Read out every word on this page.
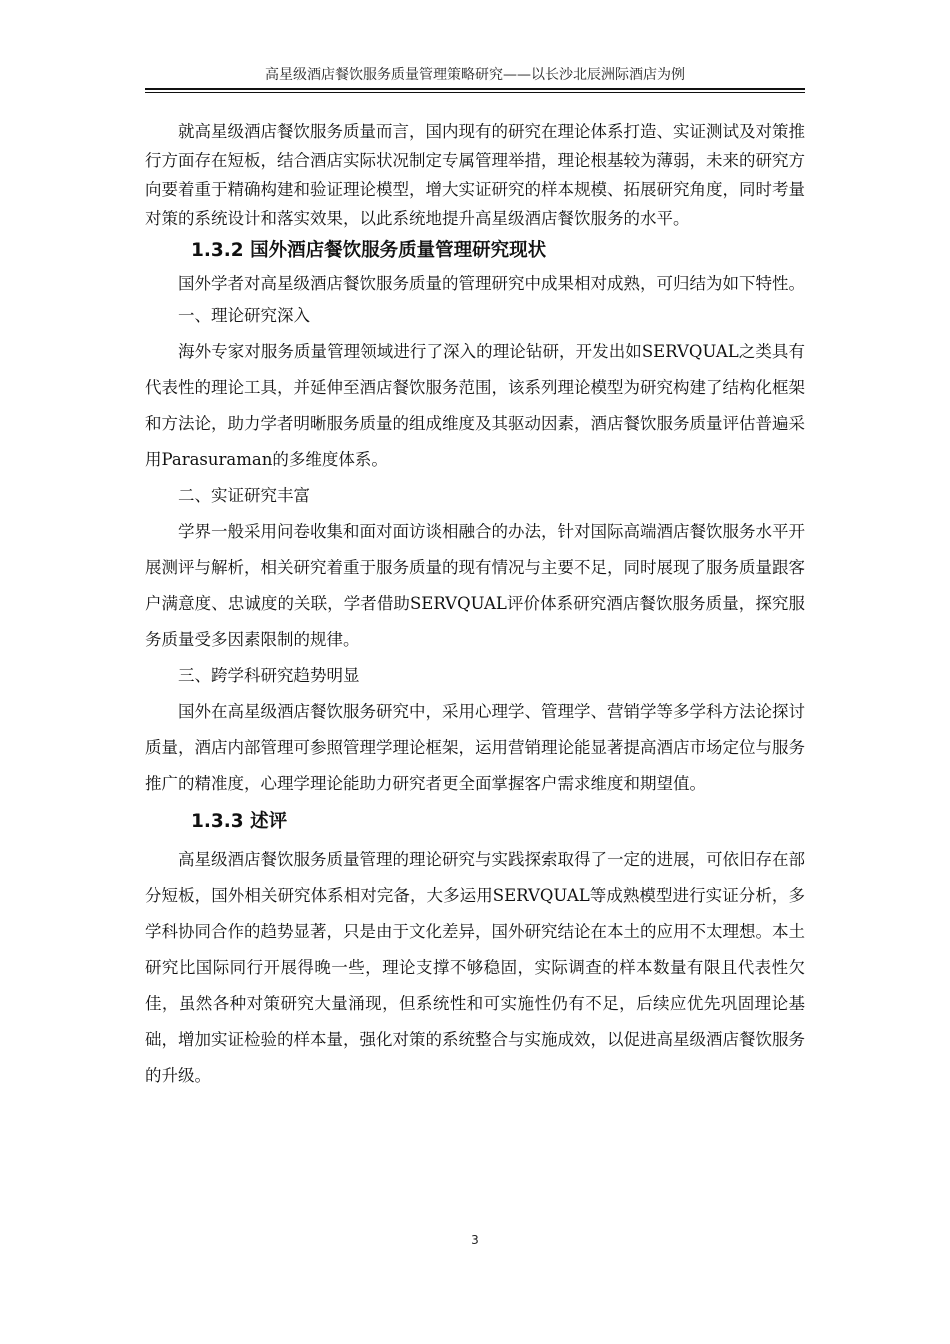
高星级酒店餐饮服务质量管理策略研究——以长沙北辰洲际酒店为例

就高星级酒店餐饮服务质量而言，国内现有的研究在理论体系打造、实证测试及对策推行方面存在短板，结合酒店实际状况制定专属管理举措，理论根基较为薄弱，未来的研究方向要着重于精确构建和验证理论模型，增大实证研究的样本规模、拓展研究角度，同时考量对策的系统设计和落实效果，以此系统地提升高星级酒店餐饮服务的水平。

1.3.2 国外酒店餐饮服务质量管理研究现状

国外学者对高星级酒店餐饮服务质量的管理研究中成果相对成熟，可归结为如下特性。

一、理论研究深入

海外专家对服务质量管理领域进行了深入的理论钻研，开发出如SERVQUAL之类具有代表性的理论工具，并延伸至酒店餐饮服务范围，该系列理论模型为研究构建了结构化框架和方法论，助力学者明晰服务质量的组成维度及其驱动因素，酒店餐饮服务质量评估普遍采用Parasuraman的多维度体系。

二、实证研究丰富

学界一般采用问卷收集和面对面访谈相融合的办法，针对国际高端酒店餐饮服务水平开展测评与解析，相关研究着重于服务质量的现有情况与主要不足，同时展现了服务质量跟客户满意度、忠诚度的关联，学者借助SERVQUAL评价体系研究酒店餐饮服务质量，探究服务质量受多因素限制的规律。

三、跨学科研究趋势明显

国外在高星级酒店餐饮服务研究中，采用心理学、管理学、营销学等多学科方法论探讨质量，酒店内部管理可参照管理学理论框架，运用营销理论能显著提高酒店市场定位与服务推广的精准度，心理学理论能助力研究者更全面掌握客户需求维度和期望值。

1.3.3 述评

高星级酒店餐饮服务质量管理的理论研究与实践探索取得了一定的进展，可依旧存在部分短板，国外相关研究体系相对完备，大多运用SERVQUAL等成熟模型进行实证分析，多学科协同合作的趋势显著，只是由于文化差异，国外研究结论在本土的应用不太理想。本土研究比国际同行开展得晚一些，理论支撑不够稳固，实际调查的样本数量有限且代表性欠佳，虽然各种对策研究大量涌现，但系统性和可实施性仍有不足，后续应优先巩固理论基础，增加实证检验的样本量，强化对策的系统整合与实施成效，以促进高星级酒店餐饮服务的升级。

3
